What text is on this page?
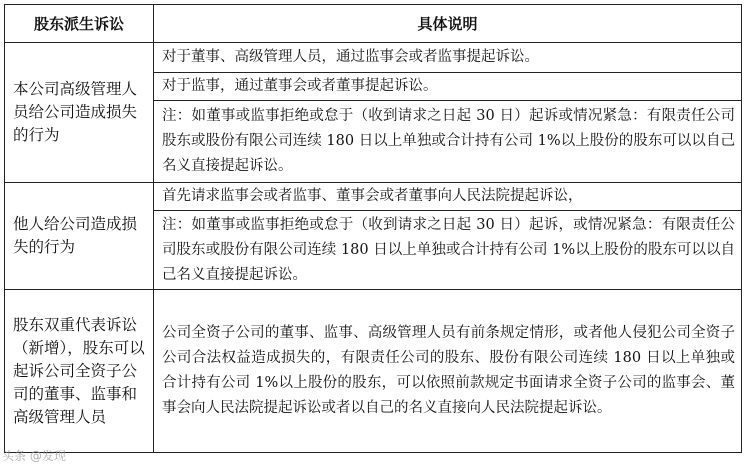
股东派生诉讼	具体说明
本公司高级管理人员给公司造成损失的行为	对于董事、高级管理人员，通过监事会或者监事提起诉讼。
	对于监事，通过董事会或者董事提起诉讼。
	注：如董事或监事拒绝或怠于（收到请求之日起 30 日）起诉或情况紧急：有限责任公司股东或股份有限公司连续 180 日以上单独或合计持有公司 1%以上股份的股东可以以自己名义直接提起诉讼。
他人给公司造成损失的行为	首先请求监事会或者监事、董事会或者董事向人民法院提起诉讼，
	注：如董事或监事拒绝或怠于（收到请求之日起 30 日）起诉，或情况紧急：有限责任公司股东或股份有限公司连续 180 日以上单独或合计持有公司 1%以上股份的股东可以以自己名义直接提起诉讼。
股东双重代表诉讼（新增），股东可以起诉公司全资子公司的董事、监事和高级管理人员	公司全资子公司的董事、监事、高级管理人员有前条规定情形，或者他人侵犯公司全资子公司合法权益造成损失的，有限责任公司的股东、股份有限公司连续 180 日以上单独或合计持有公司 1%以上股份的股东，可以依照前款规定书面请求全资子公司的监事会、董事会向人民法院提起诉讼或者以自己的名义直接向人民法院提起诉讼。
头条 @发现
